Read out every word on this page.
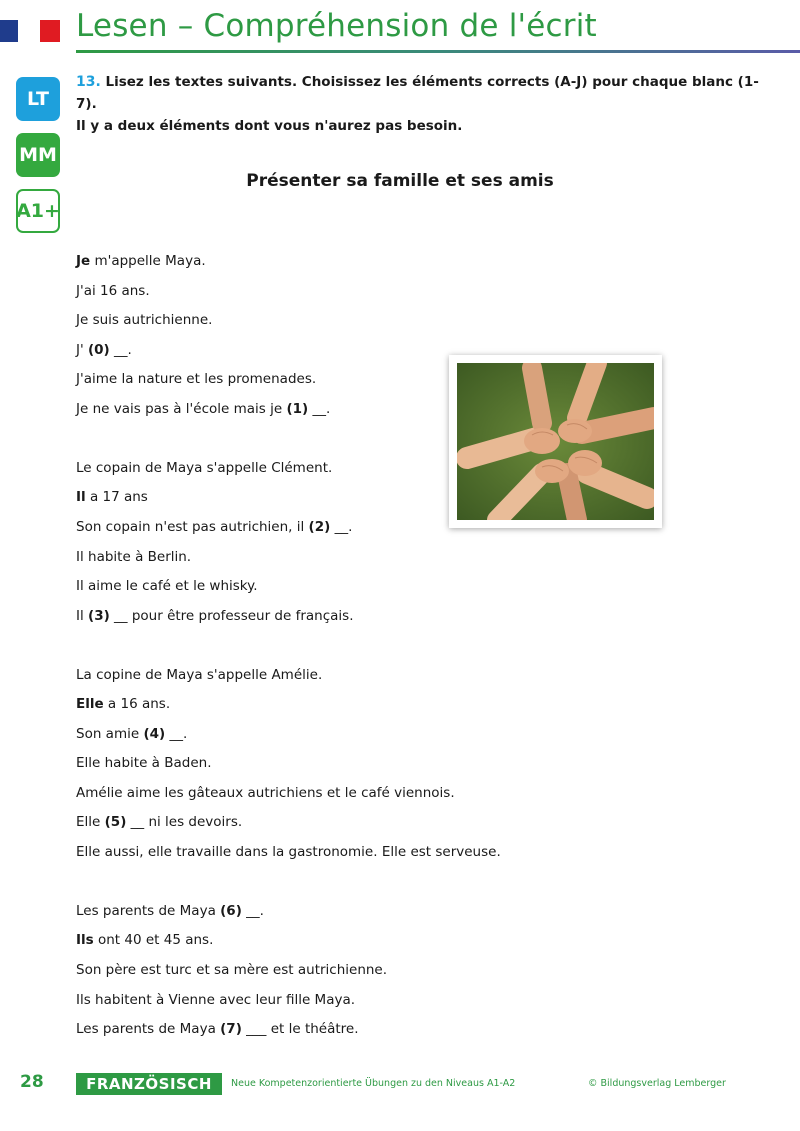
Lesen – Compréhension de l'écrit
LT
MM
A1+
13. Lisez les textes suivants. Choisissez les éléments corrects (A-J) pour chaque blanc (1-7).
Il y a deux éléments dont vous n'aurez pas besoin.
Présenter sa famille et ses amis
Je m'appelle Maya.
J'ai 16 ans.
Je suis autrichienne.
J' (0) __.
J'aime la nature et les promenades.
Je ne vais pas à l'école mais je (1) __.
Le copain de Maya s'appelle Clément.
Il a 17 ans
Son copain n'est pas autrichien, il (2) __.
Il habite à Berlin.
Il aime le café et le whisky.
Il (3) __ pour être professeur de français.
La copine de Maya s'appelle Amélie.
Elle a 16 ans.
Son amie (4) __.
Elle habite à Baden.
Amélie aime les gâteaux autrichiens et le café viennois.
Elle (5) __ ni les devoirs.
Elle aussi, elle travaille dans la gastronomie. Elle est serveuse.
Les parents de Maya (6) __.
Ils ont 40 et 45 ans.
Son père est turc et sa mère est autrichienne.
Ils habitent à Vienne avec leur fille Maya.
Les parents de Maya (7) ___ et le théâtre.
28	FRANZÖSISCH	Neue Kompetenzorientierte Übungen zu den Niveaus A1-A2	© Bildungsverlag Lemberger
